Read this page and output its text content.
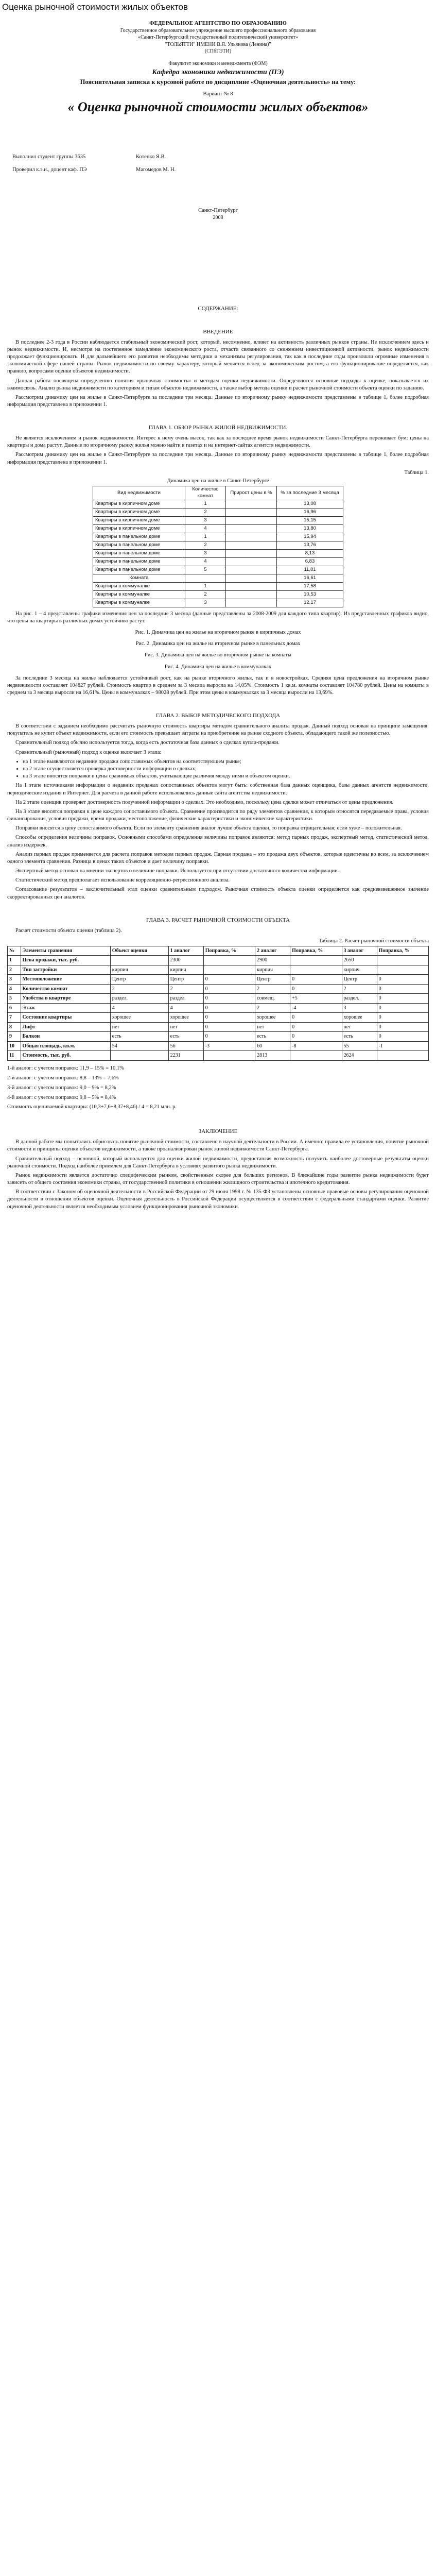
Оценка рыночной стоимости жилых объектов
ФЕДЕРАЛЬНОЕ АГЕНТСТВО ПО ОБРАЗОВАНИЮ
Государственное образовательное учреждение высшего профессионального образования
«Санкт-Петербургский государственный политехнический университет»
"ТОЛЬЯТТИ" ИМЕНИ В.Я. Ульянова (Ленина)"
(СПбГЭТИ)
Факультет экономики и менеджмента (ФЭМ)
Кафедра экономики недвижимости (ПЭ)
Пояснительная записка к курсовой работе по дисциплине «Оценочная деятельность» на тему:
Вариант № 8
« Оценка рыночной стоимости жилых объектов»
Выполнил студент группы 3635	Котенко Я.В.
Проверил к.э.н., доцент каф. ПЭ	Магомедов М. Н.
Санкт-Петербург
2008
СОДЕРЖАНИЕ:
ВВЕДЕНИЕ

В последнее 2-3 года в России наблюдается стабильный экономический рост, который, несомненно, влияет на активность различных рынков страны. Не исключением здесь и рынок недвижимости. И, несмотря на постепенное замедление экономического роста, отчасти связанного со снижением инвестиционной активности, рынок недвижимости продолжает функционировать. И для дальнейшего его развития необходимы методики и механизмы регулирования, так как в последние годы произошли огромные изменения в экономической сфере нашей страны. Рынок недвижимости по своему характеру, который меняется вслед за экономическим ростом, а его функционирование определяется, как правило, вопросами оценки объектов недвижимости.

Данная работа посвящена определению понятия «рыночная стоимость» и методам оценки недвижимости. Определяются основные подходы к оценке, показывается их взаимосвязь. Анализ рынка недвижимости по категориям и типам объектов недвижимости, а также выбор метода оценки и расчет рыночной стоимости объекта оценки по заданию.

Рассмотрим динамику цен на жилье в Санкт-Петербурге за последние три месяца. Данные по вторичному рынку недвижимости представлены в таблице 1, более подробная информация представлена в приложении 1.

ГЛАВА 1. ОБЗОР РЫНКА ЖИЛОЙ НЕДВИЖИМОСТИ.

Не является исключением и рынок недвижимости. Интерес к нему очень высок, так как за последнее время рынок недвижимости Санкт-Петербурга переживает бум: цены на квартиры и дома растут. Данные по вторичному рынку жилья можно найти в газетах и на интернет-сайтах агентств недвижимости.

Рассмотрим динамику цен на жилье в Санкт-Петербурге за последние три месяца. Данные по вторичному рынку недвижимости представлены в таблице 1, более подробная информация представлена в приложении 1.

Таблица 1.
Динамика цен на жилье в Санкт-Петербурге
Вид недвижимости	Количество комнат	Прирост цены в %	% за последние 3 месяца
Квартиры в кирпичном доме	1		13,08
Квартиры в кирпичном доме	2		16,96
Квартиры в кирпичном доме	3		15,15
Квартиры в кирпичном доме	4		13,80
Квартиры в панельном доме	1		15,94
Квартиры в панельном доме	2		13,76
Квартиры в панельном доме	3		8,13
Квартиры в панельном доме	4		6,83
Квартиры в панельном доме	5		11,81
Комната			16,61
Квартиры в коммуналке	1		17,58
Квартиры в коммуналке	2		10,53
Квартиры в коммуналке	3		12,17

На рис. 1 – 4 представлены графики изменения цен за последние 3 месяца (данные представлены за 2008-2009 для каждого типа квартир). Из представленных графиков видно, что цены на квартиры в различных домах устойчиво растут.

Рис. 1. Динамика цен на жилье на вторичном рынке в кирпичных домах
Рис. 2. Динамика цен на жилье на вторичном рынке в панельных домах
Рис. 3. Динамика цен на жилье во вторичном рынке на комнаты
Рис. 4. Динамика цен на жилье в коммуналках

За последние 3 месяца на жилье наблюдается устойчивый рост, как на рынке вторичного жилья, так и в новостройках. Средняя цена предложения на вторичном рынке недвижимости составляет 104827 рублей. Стоимость квартир в среднем за 3 месяца выросла на 14,05%. Стоимость 1 кв.м. комнаты составляет 104780 рублей. Цены на комнаты в среднем за 3 месяца выросли на 16,61%. Цены в коммуналках – 98028 рублей. При этом цены в коммуналках за 3 месяца выросли на 13,69%.

ГЛАВА 2. ВЫБОР МЕТОДИЧЕСКОГО ПОДХОДА

В соответствии с заданием необходимо рассчитать рыночную стоимость квартиры методом сравнительного анализа продаж. Данный подход основан на принципе замещения: покупатель не купит объект недвижимости, если его стоимость превышает затраты на приобретение на рынке сходного объекта, обладающего такой же полезностью.

Сравнительный подход обычно используется тогда, когда есть достаточная база данных о сделках купли-продажи.

Сравнительный (рыночный) подход к оценке включает 3 этапа:

• на 1 этапе выявляются недавние продажи сопоставимых объектов на соответствующем рынке;
• на 2 этапе осуществляется проверка достоверности информации о сделках;
• на 3 этапе вносятся поправки в цены сравнимых объектов, учитывающие различия между ними и объектом оценки.

На 1 этапе источниками информации о недавних продажах сопоставимых объектов могут быть: собственная база данных оценщика, базы данных агентств недвижимости, периодические издания и Интернет. Для расчета в данной работе использовались данные сайта агентства недвижимости.

На 2 этапе оценщик проверяет достоверность полученной информации о сделках. Это необходимо, поскольку цена сделки может отличаться от цены предложения.

На 3 этапе вносятся поправки к цене каждого сопоставимого объекта. Сравнение производится по ряду элементов сравнения, к которым относятся передаваемые права, условия финансирования, условия продажи, время продажи, местоположение, физические характеристики и экономические характеристики.

Поправки вносятся в цену сопоставимого объекта. Если по элементу сравнения аналог лучше объекта оценки, то поправка отрицательная; если хуже – положительная.

Способы определения величины поправок. Основными способами определения величины поправок являются: метод парных продаж, экспертный метод, статистический метод, анализ издержек.

Анализ парных продаж применяется для расчета поправок методом парных продаж. Парная продажа – это продажа двух объектов, которые идентичны во всем, за исключением одного элемента сравнения. Разница в ценах таких объектов и дает величину поправки.

Экспертный метод основан на мнении экспертов о величине поправки. Используется при отсутствии достаточного количества информации.

Статистический метод предполагает использование корреляционно-регрессионного анализа.

Согласование результатов – заключительный этап оценки сравнительным подходом. Рыночная стоимость объекта оценки определяется как средневзвешенное значение скорректированных цен аналогов.

ГЛАВА 3. РАСЧЕТ РЫНОЧНОЙ СТОИМОСТИ ОБЪЕКТА

Расчет стоимости объекта оценки (таблица 2).

Таблица 2. Расчет рыночной стоимости объекта
№	Элементы сравнения	Объект оценки	1 аналог	Поправка, %	2 аналог	Поправка, %	3 аналог	Поправка, %
1	Цена продажи, тыс. руб.		2300		2900		2650	
2	Тип застройки	кирпич	кирпич		кирпич		кирпич	
3	Местоположение	Центр	Центр	0	Центр	0	Центр	0
4	Количество комнат	2	2	0	2	0	2	0
5	Удобства в квартире	раздел.	раздел.	0	совмещ.	+5	раздел.	0
6	Этаж	4	4	0	2	-4	3	0
7	Состояние квартиры	хорошее	хорошее	0	хорошее	0	хорошее	0
8	Лифт	нет	нет	0	нет	0	нет	0
9	Балкон	есть	есть	0	есть	0	есть	0
10	Общая площадь, кв.м.	54	56	-3	60	-8	55	-1
11	Стоимость, тыс. руб.		2231		2813		2624	
1-й аналог: с учетом поправок: 11,9 – 15% = 10,1%
2-й аналог: с учетом поправок: 8,8 – 13% = 7,6%
3-й аналог: с учетом поправок: 9,0 – 9% = 8,2%
4-й аналог: с учетом поправок: 9,8 – 5% = 8,4%
Стоимость оцениваемой квартиры: (10,3+7,6+8,37+8,46) / 4 = 8,21 млн. р.
ЗАКЛЮЧЕНИЕ

В данной работе мы попытались обрисовать понятие рыночной стоимости, составлено в научной деятельности в России. А именно: правила ее установления, понятие рыночной стоимости и принципы оценки объектов недвижимости, а также проанализирован рынок жилой недвижимости Санкт-Петербурга.

Сравнительный подход – основной, который используется для оценки жилой недвижимости, предоставляя возможность получить наиболее достоверные результаты оценки рыночной стоимости. Подход наиболее приемлем для Санкт-Петербурга в условиях развитого рынка недвижимости.

Рынок недвижимости является достаточно специфическим рынком, свойственным скорее для больших регионов. В ближайшие годы развитие рынка недвижимости будет зависеть от общего состояния экономики страны, от государственной политики в отношении жилищного строительства и ипотечного кредитования.

В соответствии с Законом об оценочной деятельности в Российской Федерации от 29 июля 1998 г. № 135-ФЗ установлены основные правовые основы регулирования оценочной деятельности в отношении объектов оценки. Оценочная деятельность в Российской Федерации осуществляется в соответствии с федеральными стандартами оценки. Развитие оценочной деятельности является необходимым условием функционирования рыночной экономики.
